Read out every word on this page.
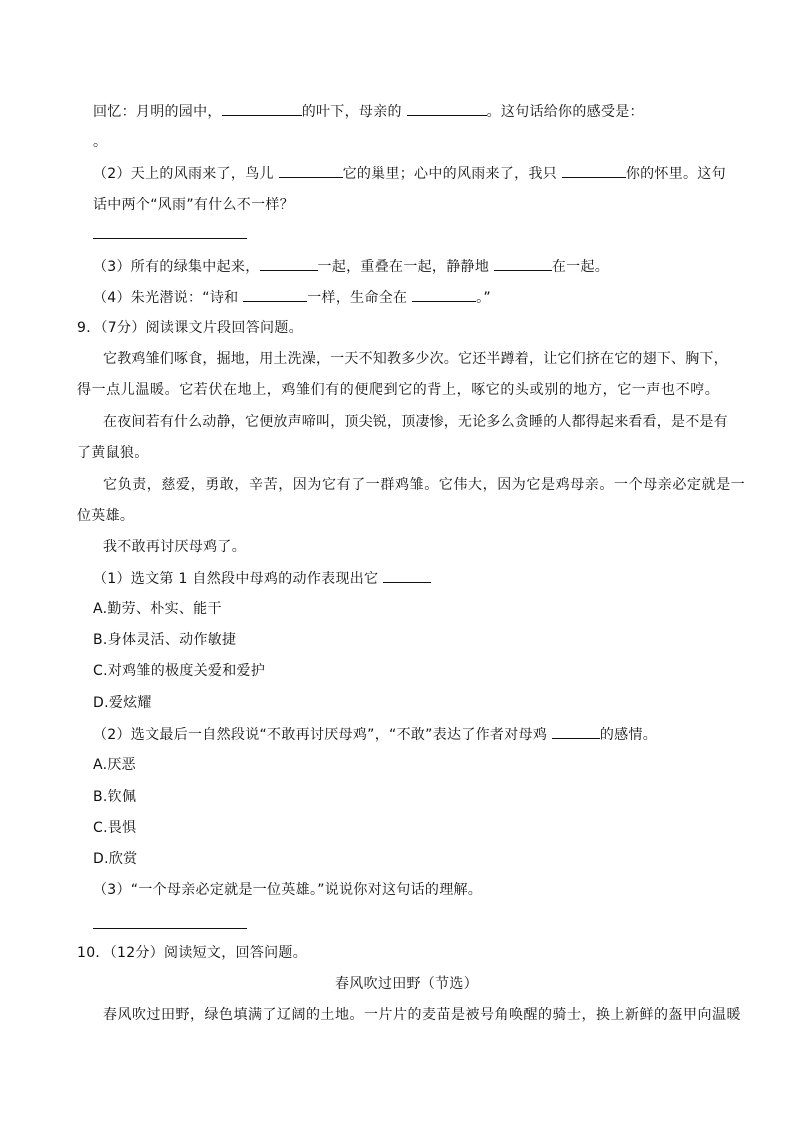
回忆：月明的园中，	的叶下，母亲的	。这句话给你的感受是：
。
（2）天上的风雨来了，鸟儿	它的巢里；心中的风雨来了，我只	你的怀里。这句
话中两个“风雨”有什么不一样？
（3）所有的绿集中起来，	一起，重叠在一起，静静地	在一起。
（4）朱光潜说：“诗和	一样，生命全在	。”
9．（7分）阅读课文片段回答问题。
它教鸡雏们啄食，掘地，用土洗澡，一天不知教多少次。它还半蹲着，让它们挤在它的翅下、胸下，
得一点儿温暖。它若伏在地上，鸡雏们有的便爬到它的背上，啄它的头或别的地方，它一声也不哼。
在夜间若有什么动静，它便放声啼叫，顶尖锐，顶凄惨，无论多么贪睡的人都得起来看看，是不是有
了黄鼠狼。
它负责，慈爱，勇敢，辛苦，因为它有了一群鸡雏。它伟大，因为它是鸡母亲。一个母亲必定就是一
位英雄。
我不敢再讨厌母鸡了。
（1）选文第 1 自然段中母鸡的动作表现出它
A.勤劳、朴实、能干
B.身体灵活、动作敏捷
C.对鸡雏的极度关爱和爱护
D.爱炫耀
（2）选文最后一自然段说“不敢再讨厌母鸡”，“不敢”表达了作者对母鸡	的感情。
A.厌恶
B.钦佩
C.畏惧
D.欣赏
（3）“一个母亲必定就是一位英雄。”说说你对这句话的理解。
10．（12分）阅读短文，回答问题。
春风吹过田野（节选）
春风吹过田野，绿色填满了辽阔的土地。一片片的麦苗是被号角唤醒的骑士，换上新鲜的盔甲向温暖
